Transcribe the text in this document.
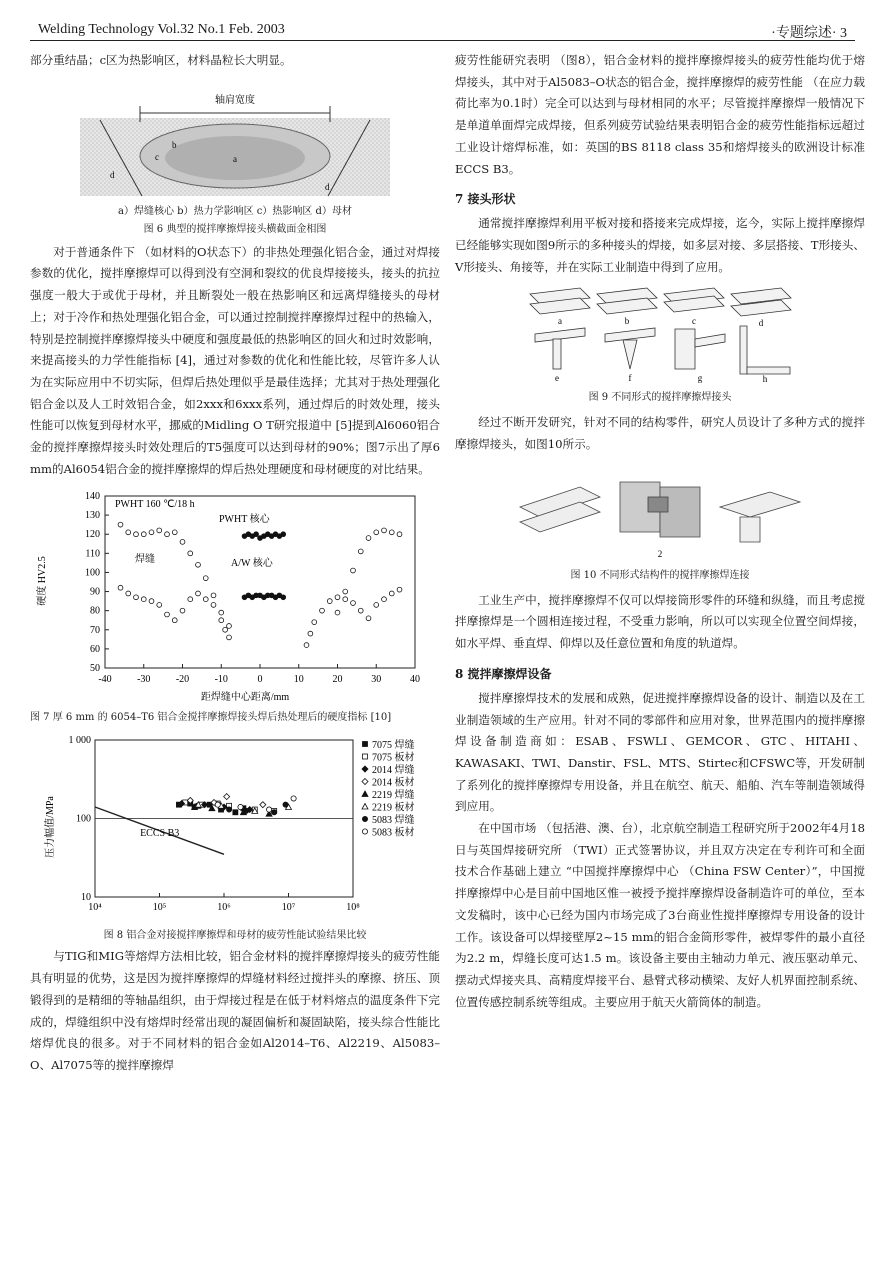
Welding Technology Vol.32 No.1 Feb. 2003	·专题综述· 3

部分重结晶；c区为热影响区，材料晶粒长大明显。

轴肩宽度
a
b
c
d
d
a）焊缝核心 b）热力学影响区 c）热影响区 d）母材
图 6 典型的搅拌摩擦焊接头横截面金相图

对于普通条件下 （如材料的O状态下）的非热处理强化铝合金，通过对焊接参数的优化，搅拌摩擦焊可以得到没有空洞和裂纹的优良焊接接头，接头的抗拉强度一般大于或优于母材，并且断裂处一般在热影响区和远离焊缝接头的母材上；对于冷作和热处理强化铝合金，可以通过控制搅拌摩擦焊过程中的热输入，特别是控制搅拌摩擦焊接头中硬度和强度最低的热影响区的回火和过时效影响，来提高接头的力学性能指标 [4]，通过对参数的优化和性能比较，尽管许多人认为在实际应用中不切实际，但焊后热处理似乎是最佳选择；尤其对于热处理强化铝合金以及人工时效铝合金，如2xxx和6xxx系列，通过焊后的时效处理，接头性能可以恢复到母材水平，挪威的Midling O T研究报道中 [5]提到Al6060铝合金的搅拌摩擦焊接头时效处理后的T5强度可以达到母材的90%；图7示出了厚6 mm的Al6054铝合金的搅拌摩擦焊的焊后热处理硬度和母材硬度的对比结果。

硬度 HV2.5
距焊缝中心距离/mm
PWHT 160 ℃/18 h
PWHT 核心
焊缝	A/W 核心
-40	-30	-20	-10	0	10	20	30	40
50
60
70
80
90
100
110
120
130
140
图 7 厚 6 mm 的 6054–T6 铝合金搅拌摩擦焊接头焊后热处理后的硬度指标 [10]
压力幅值/MPa
10⁴	10⁵	10⁶	10⁷	10⁸
10
100
1 000
ECCS B3
7075 焊缝
7075 板材
2014 焊缝
2014 板材
2219 焊缝
2219 板材
5083 焊缝
5083 板材
图 8 铝合金对接搅拌摩擦焊和母材的疲劳性能试验结果比较

与TIG和MIG等熔焊方法相比较，铝合金材料的搅拌摩擦焊接头的疲劳性能具有明显的优势，这是因为搅拌摩擦焊的焊缝材料经过搅拌头的摩擦、挤压、顶锻得到的是精细的等轴晶组织，由于焊接过程是在低于材料熔点的温度条件下完成的，焊缝组织中没有熔焊时经常出现的凝固偏析和凝固缺陷，接头综合性能比熔焊优良的很多。对于不同材料的铝合金如Al2014–T6、Al2219、Al5083–O、Al7075等的搅拌摩擦焊

疲劳性能研究表明 （图8），铝合金材料的搅拌摩擦焊接头的疲劳性能均优于熔焊接头，其中对于Al5083–O状态的铝合金，搅拌摩擦焊的疲劳性能 （在应力载荷比率为0.1时）完全可以达到与母材相同的水平；尽管搅拌摩擦焊一般情况下是单道单面焊完成焊接，但系列疲劳试验结果表明铝合金的疲劳性能指标远超过工业设计熔焊标准，如：英国的BS 8118 class 35和熔焊接头的欧洲设计标准ECCS B3。

7 接头形状

通常搅拌摩擦焊利用平板对接和搭接来完成焊接，迄今，实际上搅拌摩擦焊已经能够实现如图9所示的多种接头的焊接，如多层对接、多层搭接、T形接头、V形接头、角接等，并在实际工业制造中得到了应用。

a	b	c	d
e	f	g	h
图 9 不同形式的搅拌摩擦焊接头

经过不断开发研究，针对不同的结构零件，研究人员设计了多种方式的搅拌摩擦焊接头，如图10所示。

2
图 10 不同形式结构件的搅拌摩擦焊连接

工业生产中，搅拌摩擦焊不仅可以焊接筒形零件的环缝和纵缝，而且考虑搅拌摩擦焊是一个圆相连接过程，不受重力影响，所以可以实现全位置空间焊接，如水平焊、垂直焊、仰焊以及任意位置和角度的轨道焊。

8 搅拌摩擦焊设备

搅拌摩擦焊技术的发展和成熟，促进搅拌摩擦焊设备的设计、制造以及在工业制造领域的生产应用。针对不同的零部件和应用对象，世界范围内的搅拌摩擦焊设备制造商如：ESAB、FSWLI、GEMCOR、GTC、HITAHI、KAWASAKI、TWI、Danstir、FSL、MTS、Stirtec和CFSWC等，开发研制了系列化的搅拌摩擦焊专用设备，并且在航空、航天、船舶、汽车等制造领域得到应用。

在中国市场 （包括港、澳、台），北京航空制造工程研究所于2002年4月18日与英国焊接研究所 （TWI）正式签署协议，并且双方决定在专利许可和全面技术合作基础上建立 “中国搅拌摩擦焊中心 （China FSW Center）”，中国搅拌摩擦焊中心是目前中国地区惟一被授予搅拌摩擦焊设备制造许可的单位，至本文发稿时，该中心已经为国内市场完成了3台商业性搅拌摩擦焊专用设备的设计工作。该设备可以焊接壁厚2~15 mm的铝合金筒形零件，被焊零件的最小直径为2.2 m，焊缝长度可达1.5 m。该设备主要由主轴动力单元、液压驱动单元、摆动式焊接夹具、高精度焊接平台、悬臂式移动横梁、友好人机界面控制系统、位置传感控制系统等组成。主要应用于航天火箭筒体的制造。
